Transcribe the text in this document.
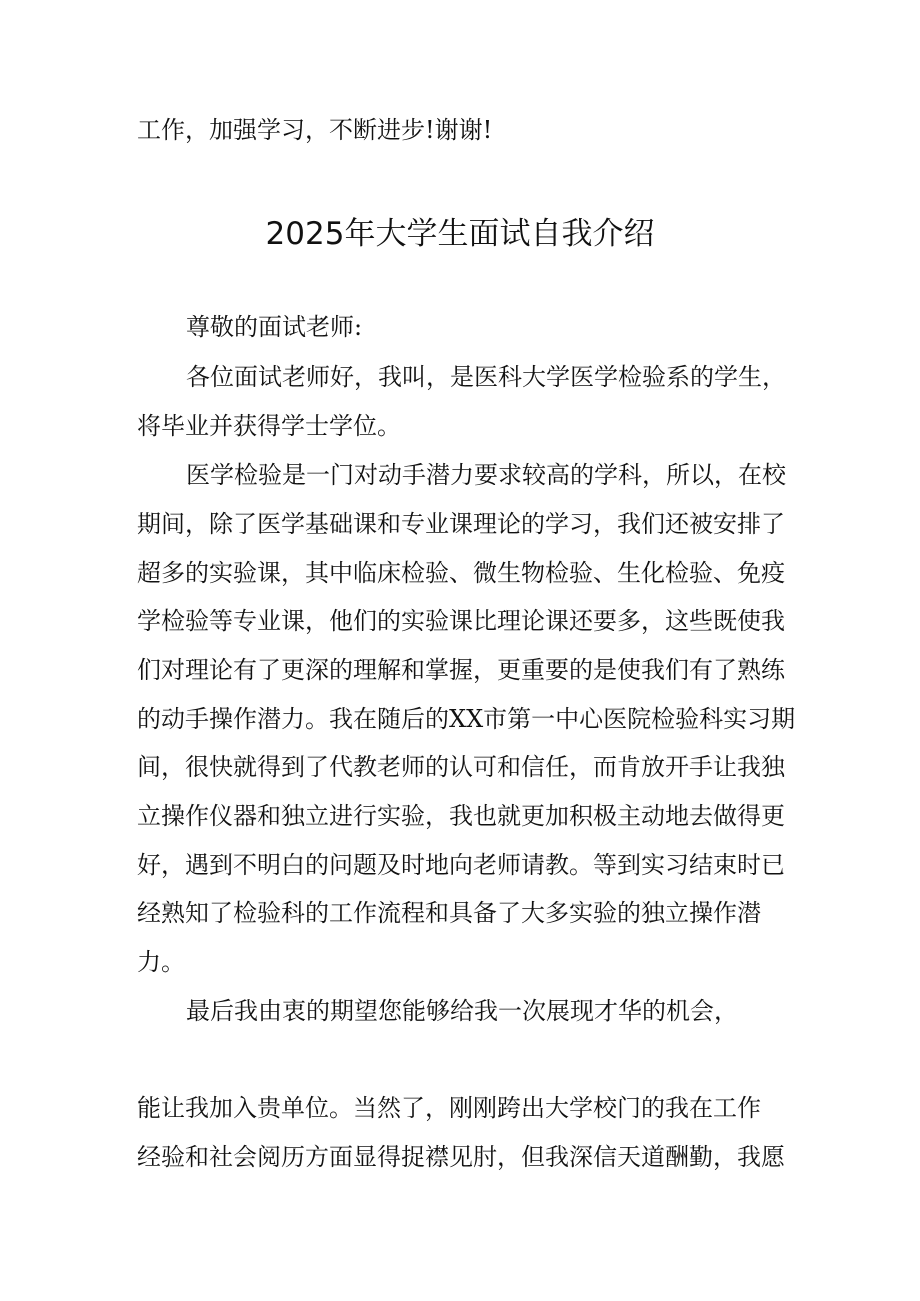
工作，加强学习，不断进步!谢谢!
2025年大学生面试自我介绍
尊敬的面试老师:
各位面试老师好，我叫，是医科大学医学检验系的学生，
将毕业并获得学士学位。
医学检验是一门对动手潜力要求较高的学科，所以，在校
期间，除了医学基础课和专业课理论的学习，我们还被安排了
超多的实验课，其中临床检验、微生物检验、生化检验、免疫
学检验等专业课，他们的实验课比理论课还要多，这些既使我
们对理论有了更深的理解和掌握，更重要的是使我们有了熟练
的动手操作潜力。我在随后的XX市第一中心医院检验科实习期
间，很快就得到了代教老师的认可和信任，而肯放开手让我独
立操作仪器和独立进行实验，我也就更加积极主动地去做得更
好，遇到不明白的问题及时地向老师请教。等到实习结束时已
经熟知了检验科的工作流程和具备了大多实验的独立操作潜
力。
最后我由衷的期望您能够给我一次展现才华的机会，
能让我加入贵单位。当然了，刚刚跨出大学校门的我在工作
经验和社会阅历方面显得捉襟见肘，但我深信天道酬勤，我愿
